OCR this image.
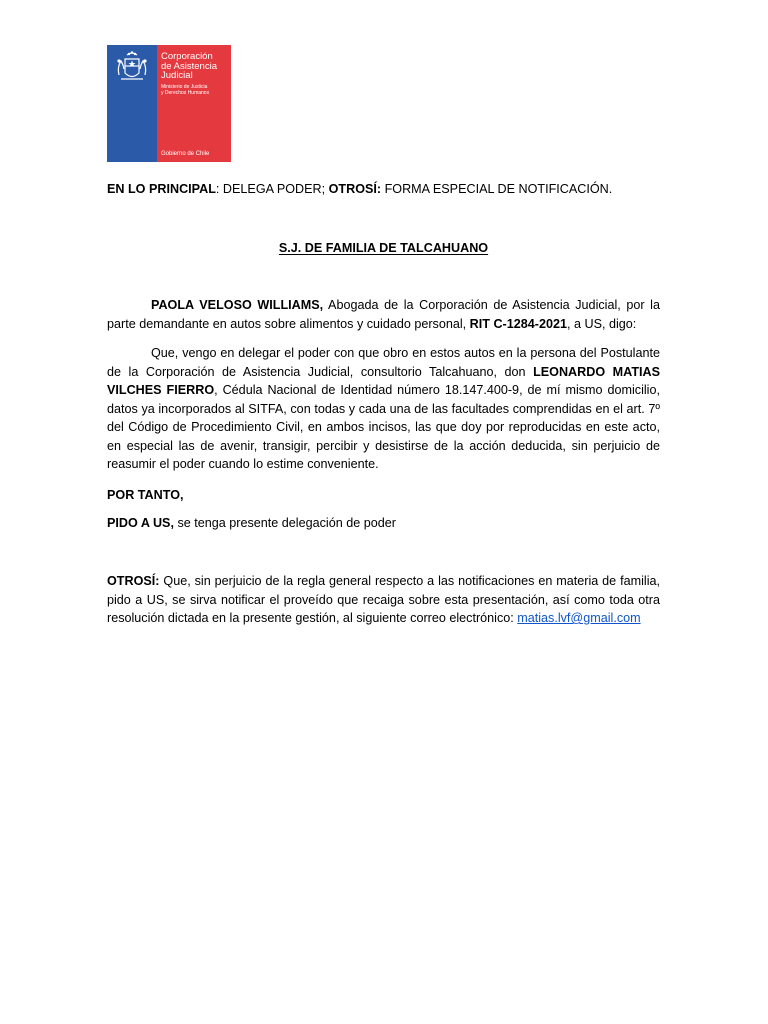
Corporación
de Asistencia
Judicial
Ministerio de Justicia
y Derechos Humanos
Gobierno de Chile
EN LO PRINCIPAL: DELEGA PODER; OTROSÍ: FORMA ESPECIAL DE NOTIFICACIÓN.
S.J. DE FAMILIA DE TALCAHUANO
PAOLA VELOSO WILLIAMS, Abogada de la Corporación de Asistencia Judicial, por la parte demandante en autos sobre alimentos y cuidado personal, RIT C-1284-2021, a US, digo:
Que, vengo en delegar el poder con que obro en estos autos en la persona del Postulante de la Corporación de Asistencia Judicial, consultorio Talcahuano, don LEONARDO MATIAS VILCHES FIERRO, Cédula Nacional de Identidad número 18.147.400-9, de mí mismo domicilio, datos ya incorporados al SITFA, con todas y cada una de las facultades comprendidas en el art. 7º del Código de Procedimiento Civil, en ambos incisos, las que doy por reproducidas en este acto, en especial las de avenir, transigir, percibir y desistirse de la acción deducida, sin perjuicio de reasumir el poder cuando lo estime conveniente.
POR TANTO,
PIDO A US, se tenga presente delegación de poder
OTROSÍ: Que, sin perjuicio de la regla general respecto a las notificaciones en materia de familia, pido a US, se sirva notificar el proveído que recaiga sobre esta presentación, así como toda otra resolución dictada en la presente gestión, al siguiente correo electrónico: matias.lvf@gmail.com
